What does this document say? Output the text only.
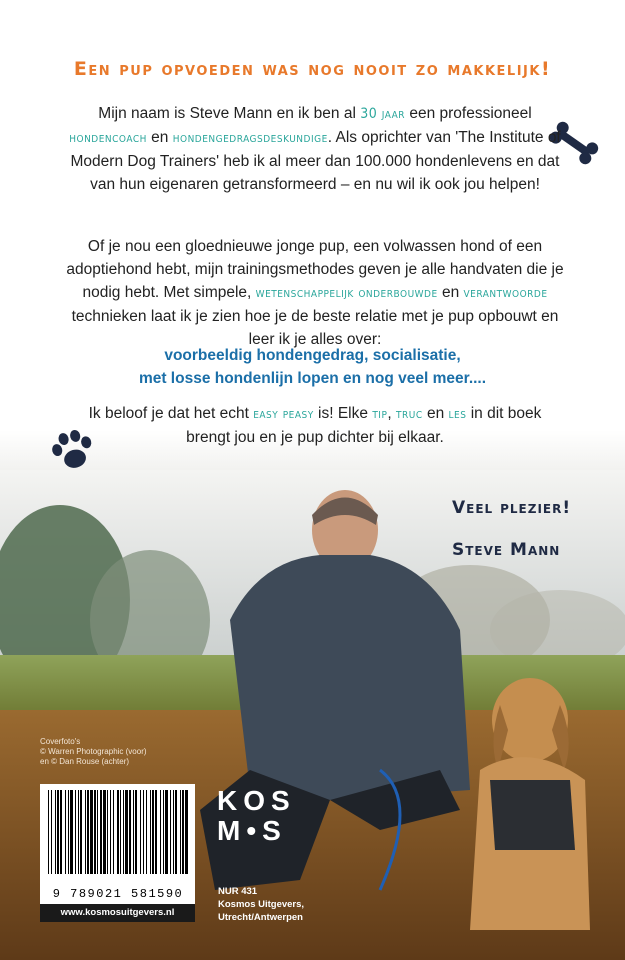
Een pup opvoeden was nog nooit zo makkelijk!
Mijn naam is Steve Mann en ik ben al 30 jaar een professioneel hondencoach en hondengedragsdeskundige. Als oprichter van 'The Institute of Modern Dog Trainers' heb ik al meer dan 100.000 hondenlevens en dat van hun eigenaren getransformeerd – en nu wil ik ook jou helpen!
Of je nou een gloednieuwe jonge pup, een volwassen hond of een adoptiehond hebt, mijn trainingsmethodes geven je alle handvaten die je nodig hebt. Met simpele, wetenschappelijk onderbouwde en verantwoorde technieken laat ik je zien hoe je de beste relatie met je pup opbouwt en leer ik je alles over:
voorbeeldig hondengedrag, socialisatie,
met losse hondenlijn lopen en nog veel meer....
Ik beloof je dat het echt easy peasy is! Elke tip, truc en les in dit boek brengt jou en je pup dichter bij elkaar.
Veel plezier!
Steve Mann
Coverfoto's
© Warren Photographic (voor)
en © Dan Rouse (achter)
9 789021 581590
www.kosmosuitgevers.nl
KOS
M•S
NUR 431
Kosmos Uitgevers,
Utrecht/Antwerpen
